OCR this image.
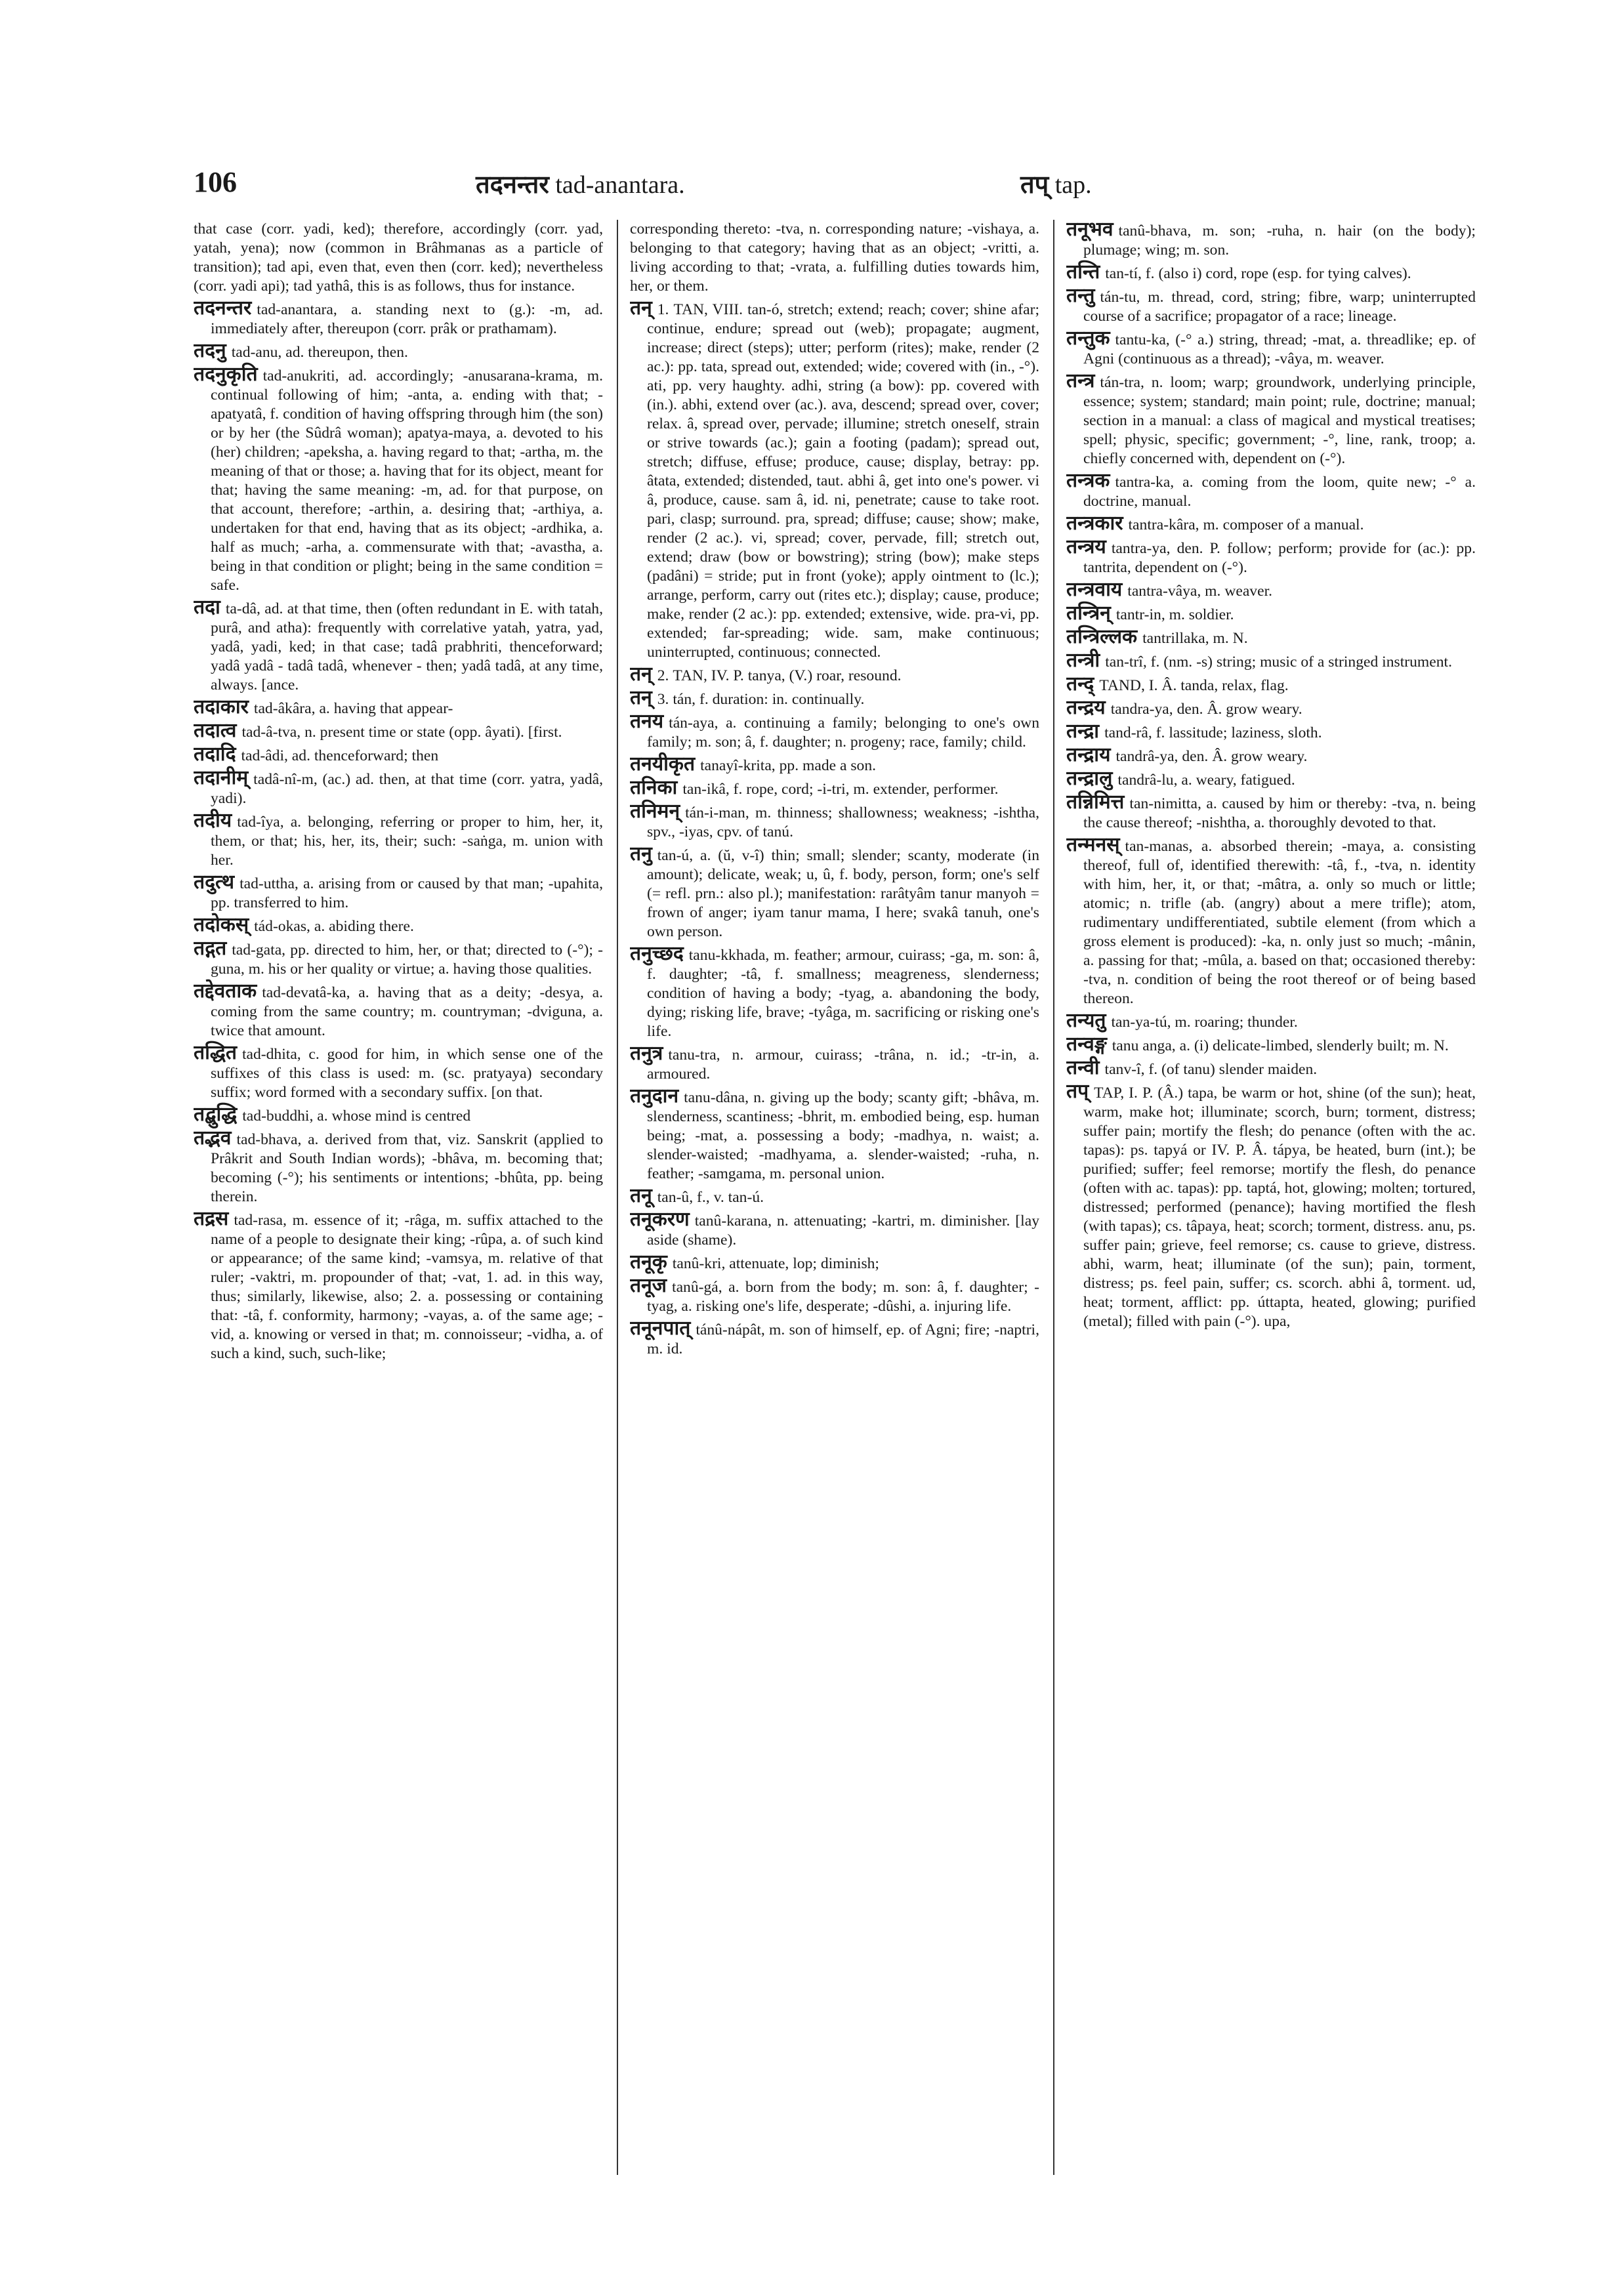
106	तदनन्तर tad-anantara.	तप् tap.

that case (corr. yadi, ked); therefore, accordingly (corr. yad, yatah, yena); now (common in Brâhmanas as a particle of transition); tad api, even that, even then (corr. ked); nevertheless (corr. yadi api); tad yathâ, this is as follows, thus for instance.

तदनन्तर tad-anantara, a. standing next to (g.): -m, ad. immediately after, thereupon (corr. prâk or prathamam).

तदनु tad-anu, ad. thereupon, then.

तदनुकृति tad-anukriti, ad. accordingly; -anusarana-krama, m. continual following of him; -anta, a. ending with that; -apatyatâ, f. condition of having offspring through him (the son) or by her (the Sûdrâ woman); apatya-maya, a. devoted to his (her) children; -apeksha, a. having regard to that; -artha, m. the meaning of that or those; a. having that for its object, meant for that; having the same meaning: -m, ad. for that purpose, on that account, therefore; -arthin, a. desiring that; -arthiya, a. undertaken for that end, having that as its object; -ardhika, a. half as much; -arha, a. commensurate with that; -avastha, a. being in that condition or plight; being in the same condition = safe.

तदा ta-dâ, ad. at that time, then (often redundant in E. with tatah, purâ, and atha): frequently with correlative yatah, yatra, yad, yadâ, yadi, ked; in that case; tadâ prabhriti, thenceforward; yadâ yadâ - tadâ tadâ, whenever - then; yadâ tadâ, at any time, always. [ance.

तदाकार tad-âkâra, a. having that appear-

तदात्व tad-â-tva, n. present time or state (opp. âyati). [first.

तदादि tad-âdi, ad. thenceforward; then

तदानीम् tadâ-nî-m, (ac.) ad. then, at that time (corr. yatra, yadâ, yadi).

तदीय tad-îya, a. belonging, referring or proper to him, her, it, them, or that; his, her, its, their; such: -saṅga, m. union with her.

तदुत्थ tad-uttha, a. arising from or caused by that man; -upahita, pp. transferred to him.

तदोकस् tád-okas, a. abiding there.

तद्गत tad-gata, pp. directed to him, her, or that; directed to (-°); -guna, m. his or her quality or virtue; a. having those qualities.

तद्देवताक tad-devatâ-ka, a. having that as a deity; -desya, a. coming from the same country; m. countryman; -dviguna, a. twice that amount.

तद्धित tad-dhita, c. good for him, in which sense one of the suffixes of this class is used: m. (sc. pratyaya) secondary suffix; word formed with a secondary suffix. [on that.

तद्बुद्धि tad-buddhi, a. whose mind is centred

तद्भव tad-bhava, a. derived from that, viz. Sanskrit (applied to Prâkrit and South Indian words); -bhâva, m. becoming that; becoming (-°); his sentiments or intentions; -bhûta, pp. being therein.

तद्रस tad-rasa, m. essence of it; -râga, m. suffix attached to the name of a people to designate their king; -rûpa, a. of such kind or appearance; of the same kind; -vamsya, m. relative of that ruler; -vaktri, m. propounder of that; -vat, 1. ad. in this way, thus; similarly, likewise, also; 2. a. possessing or containing that: -tâ, f. conformity, harmony; -vayas, a. of the same age; -vid, a. knowing or versed in that; m. connoisseur; -vidha, a. of such a kind, such, such-like;

corresponding thereto: -tva, n. corresponding nature; -vishaya, a. belonging to that category; having that as an object; -vritti, a. living according to that; -vrata, a. fulfilling duties towards him, her, or them.

तन् 1. TAN, VIII. tan-ó, stretch; extend; reach; cover; shine afar; continue, endure; spread out (web); propagate; augment, increase; direct (steps); utter; perform (rites); make, render (2 ac.): pp. tata, spread out, extended; wide; covered with (in., -°). ati, pp. very haughty. adhi, string (a bow): pp. covered with (in.). abhi, extend over (ac.). ava, descend; spread over, cover; relax. â, spread over, pervade; illumine; stretch oneself, strain or strive towards (ac.); gain a footing (padam); spread out, stretch; diffuse, effuse; produce, cause; display, betray: pp. âtata, extended; distended, taut. abhi â, get into one's power. vi â, produce, cause. sam â, id. ni, penetrate; cause to take root. pari, clasp; surround. pra, spread; diffuse; cause; show; make, render (2 ac.). vi, spread; cover, pervade, fill; stretch out, extend; draw (bow or bowstring); string (bow); make steps (padâni) = stride; put in front (yoke); apply ointment to (lc.); arrange, perform, carry out (rites etc.); display; cause, produce; make, render (2 ac.): pp. extended; extensive, wide. pra-vi, pp. extended; far-spreading; wide. sam, make continuous; uninterrupted, continuous; connected.

तन् 2. TAN, IV. P. tanya, (V.) roar, resound.

तन् 3. tán, f. duration: in. continually.

तनय tán-aya, a. continuing a family; belonging to one's own family; m. son; â, f. daughter; n. progeny; race, family; child.

तनयीकृत tanayî-krita, pp. made a son.

तनिका tan-ikâ, f. rope, cord; -i-tri, m. extender, performer.

तनिमन् tán-i-man, m. thinness; shallowness; weakness; -ishtha, spv., -iyas, cpv. of tanú.

तनु tan-ú, a. (ŭ, v-î) thin; small; slender; scanty, moderate (in amount); delicate, weak; u, û, f. body, person, form; one's self (= refl. prn.: also pl.); manifestation: rarâtyâm tanur manyoh = frown of anger; iyam tanur mama, I here; svakâ tanuh, one's own person.

तनुच्छद tanu-kkhada, m. feather; armour, cuirass; -ga, m. son: â, f. daughter; -tâ, f. smallness; meagreness, slenderness; condition of having a body; -tyag, a. abandoning the body, dying; risking life, brave; -tyâga, m. sacrificing or risking one's life.

तनुत्र tanu-tra, n. armour, cuirass; -trâna, n. id.; -tr-in, a. armoured.

तनुदान tanu-dâna, n. giving up the body; scanty gift; -bhâva, m. slenderness, scantiness; -bhrit, m. embodied being, esp. human being; -mat, a. possessing a body; -madhya, n. waist; a. slender-waisted; -madhyama, a. slender-waisted; -ruha, n. feather; -samgama, m. personal union.

तनू tan-û, f., v. tan-ú.

तनूकरण tanû-karana, n. attenuating; -kartri, m. diminisher. [lay aside (shame).

तनूकृ tanû-kri, attenuate, lop; diminish;

तनूज tanû-gá, a. born from the body; m. son: â, f. daughter; -tyag, a. risking one's life, desperate; -dûshi, a. injuring life.

तनूनपात् tánû-nápât, m. son of himself, ep. of Agni; fire; -naptri, m. id.

तनूभव tanû-bhava, m. son; -ruha, n. hair (on the body); plumage; wing; m. son.

तन्ति tan-tí, f. (also i) cord, rope (esp. for tying calves).

तन्तु tán-tu, m. thread, cord, string; fibre, warp; uninterrupted course of a sacrifice; propagator of a race; lineage.

तन्तुक tantu-ka, (-° a.) string, thread; -mat, a. threadlike; ep. of Agni (continuous as a thread); -vâya, m. weaver.

तन्त्र tán-tra, n. loom; warp; groundwork, underlying principle, essence; system; standard; main point; rule, doctrine; manual; section in a manual: a class of magical and mystical treatises; spell; physic, specific; government; -°, line, rank, troop; a. chiefly concerned with, dependent on (-°).

तन्त्रक tantra-ka, a. coming from the loom, quite new; -° a. doctrine, manual.

तन्त्रकार tantra-kâra, m. composer of a manual.

तन्त्रय tantra-ya, den. P. follow; perform; provide for (ac.): pp. tantrita, dependent on (-°).

तन्त्रवाय tantra-vâya, m. weaver.

तन्त्रिन् tantr-in, m. soldier.

तन्त्रिल्लक tantrillaka, m. N.

तन्त्री tan-trî, f. (nm. -s) string; music of a stringed instrument.

तन्द् TAND, I. Â. tanda, relax, flag.

तन्द्रय tandra-ya, den. Â. grow weary.

तन्द्रा tand-râ, f. lassitude; laziness, sloth.

तन्द्राय tandrâ-ya, den. Â. grow weary.

तन्द्रालु tandrâ-lu, a. weary, fatigued.

तन्निमित्त tan-nimitta, a. caused by him or thereby: -tva, n. being the cause thereof; -nishtha, a. thoroughly devoted to that.

तन्मनस् tan-manas, a. absorbed therein; -maya, a. consisting thereof, full of, identified therewith: -tâ, f., -tva, n. identity with him, her, it, or that; -mâtra, a. only so much or little; atomic; n. trifle (ab. (angry) about a mere trifle); atom, rudimentary undifferentiated, subtile element (from which a gross element is produced): -ka, n. only just so much; -mânin, a. passing for that; -mûla, a. based on that; occasioned thereby: -tva, n. condition of being the root thereof or of being based thereon.

तन्यतु tan-ya-tú, m. roaring; thunder.

तन्वङ्ग tanu anga, a. (i) delicate-limbed, slenderly built; m. N.

तन्वी tanv-î, f. (of tanu) slender maiden.

तप् TAP, I. P. (Â.) tapa, be warm or hot, shine (of the sun); heat, warm, make hot; illuminate; scorch, burn; torment, distress; suffer pain; mortify the flesh; do penance (often with the ac. tapas): ps. tapyá or IV. P. Â. tápya, be heated, burn (int.); be purified; suffer; feel remorse; mortify the flesh, do penance (often with ac. tapas): pp. taptá, hot, glowing; molten; tortured, distressed; performed (penance); having mortified the flesh (with tapas); cs. tâpaya, heat; scorch; torment, distress. anu, ps. suffer pain; grieve, feel remorse; cs. cause to grieve, distress. abhi, warm, heat; illuminate (of the sun); pain, torment, distress; ps. feel pain, suffer; cs. scorch. abhi â, torment. ud, heat; torment, afflict: pp. úttapta, heated, glowing; purified (metal); filled with pain (-°). upa,
